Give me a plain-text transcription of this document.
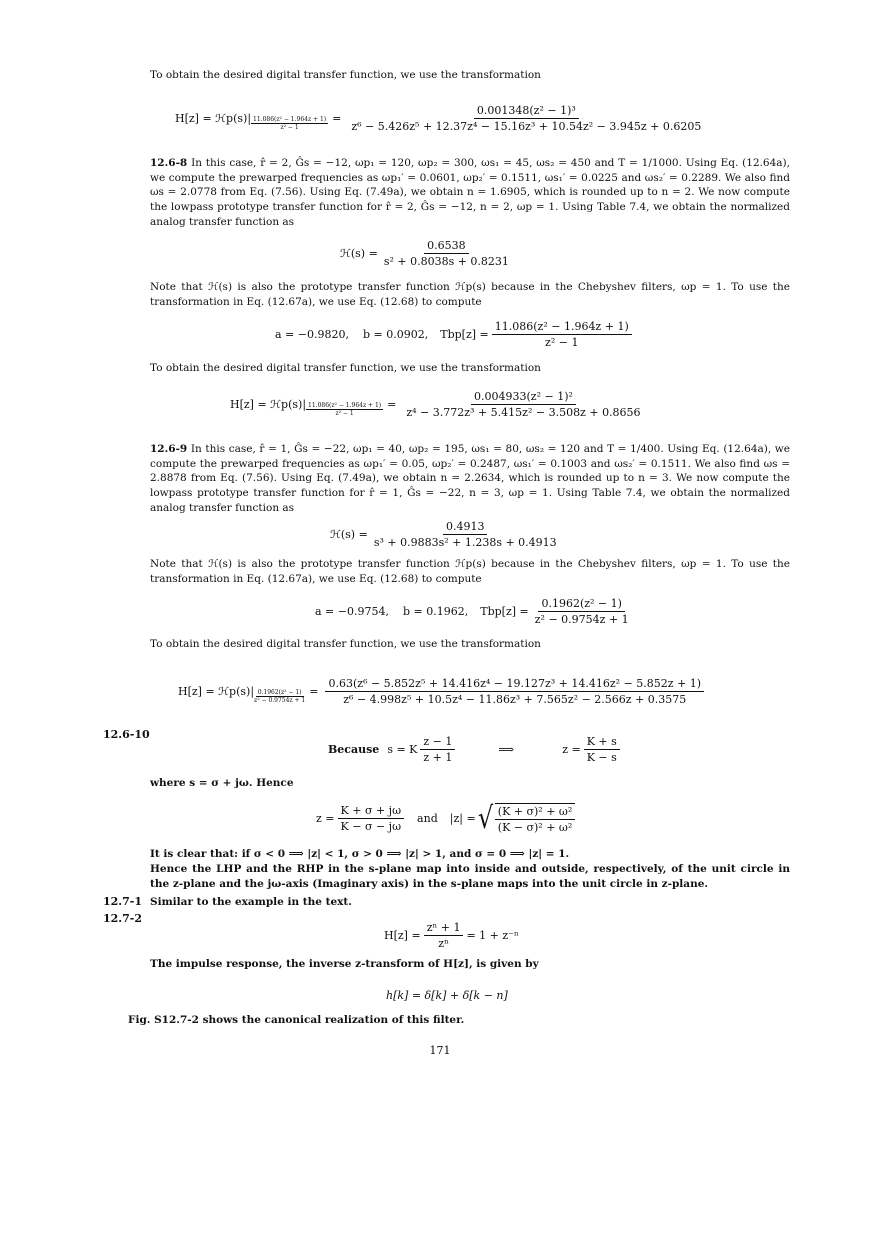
To obtain the desired digital transfer function, we use the transformation

H[z] = ℋp(s)| $\frac{\text{11.086(z² − 1.964z + 1)}}{\text{z² − 1}} = \frac{\text{0.001348(z² − 1)³}}{\text{z⁶ − 5.426z⁵ + 12.37z⁴ − 15.16z³ + 10.54z² − 3.945z + 0.6205}}$

12.6-8 In this case, r̂ = 2, Ĝs = −12, ωp₁ = 120, ωp₂ = 300, ωs₁ = 45, ωs₂ = 450 and T = 1/1000. Using Eq. (12.64a), we compute the prewarped frequencies as ωp₁′ = 0.0601, ωp₂′ = 0.1511, ωs₁′ = 0.0225 and ωs₂′ = 0.2289. We also find ωs = 2.0778 from Eq. (7.56). Using Eq. (7.49a), we obtain n = 1.6905, which is rounded up to n = 2. We now compute the lowpass prototype transfer function for r̂ = 2, Ĝs = −12, n = 2, ωp = 1. Using Table 7.4, we obtain the normalized analog transfer function as

ℋ(s) = $\frac{0.6538}{\text{s² + 0.8038s + 0.8231}}$

Note that ℋ(s) is also the prototype transfer function ℋp(s) because in the Chebyshev filters, ωp = 1. To use the transformation in Eq. (12.67a), we use Eq. (12.68) to compute

a = −0.9820, b = 0.0902, $Tbp[z] = \frac{\text{11.086(z² − 1.964z + 1)}}{\text{z² − 1}}$

To obtain the desired digital transfer function, we use the transformation

H[z] = ℋp(s)| $\frac{\text{11.086(z² − 1.964z + 1)}}{\text{z² − 1}} = \frac{\text{0.004933(z² − 1)²}}{\text{z⁴ − 3.772z³ + 5.415z² − 3.508z + 0.8656}}$

12.6-9 In this case, r̂ = 1, Ĝs = −22, ωp₁ = 40, ωp₂ = 195, ωs₁ = 80, ωs₂ = 120 and T = 1/400. Using Eq. (12.64a), we compute the prewarped frequencies as ωp₁′ = 0.05, ωp₂′ = 0.2487, ωs₁′ = 0.1003 and ωs₂′ = 0.1511. We also find ωs = 2.8878 from Eq. (7.56). Using Eq. (7.49a), we obtain n = 2.2634, which is rounded up to n = 3. We now compute the lowpass prototype transfer function for r̂ = 1, Ĝs = −22, n = 3, ωp = 1. Using Table 7.4, we obtain the normalized analog transfer function as

ℋ(s) = $\frac{0.4913}{\text{s³ + 0.9883s² + 1.238s + 0.4913}}$

Note that ℋ(s) is also the prototype transfer function ℋp(s) because in the Chebyshev filters, ωp = 1. To use the transformation in Eq. (12.67a), we use Eq. (12.68) to compute

a = −0.9754, b = 0.1962, $Tbp[z] = \frac{\text{0.1962(z² − 1)}}{\text{z² − 0.9754z + 1}}$

To obtain the desired digital transfer function, we use the transformation

H[z] = ℋp(s)| $\frac{\text{0.1962(z² − 1)}}{\text{z² − 0.9754z + 1}}$ =
0.63(z⁶ − 5.852z⁵ + 14.416z⁴ − 19.127z³ + 14.416z² − 5.852z + 1)
z⁶ − 4.998z⁵ + 10.5z⁴ − 11.86z³ + 7.565z² − 2.566z + 0.3575
12.6-10
Because s = K $\frac{z - 1}{z + 1}$	⟹	$z = \frac{K + s}{K - s}$

where s = σ + jω. Hence

$z = \frac{K + \sigma + j\omega}{K - \sigma - j\omega}$ and |z| = √ $\frac{\text{(K + σ)² + ω²}}{\text{(K − σ)² + ω²}}$

It is clear that: if σ < 0 ⟹ |z| < 1, σ > 0 ⟹ |z| > 1, and σ = 0 ⟹ |z| = 1.

Hence the LHP and the RHP in the s-plane map into inside and outside, respectively, of the unit circle in the z-plane and the jω-axis (Imaginary axis) in the s-plane maps into the unit circle in z-plane.

12.7-1 Similar to the example in the text.

12.7-2
$H[z] = \frac{\text{zⁿ + 1}}{\text{zⁿ}} = 1 + z^{-n}$

The impulse response, the inverse z-transform of H[z], is given by

h[k] = δ[k] + δ[k − n]

Fig. S12.7-2 shows the canonical realization of this filter.

171
